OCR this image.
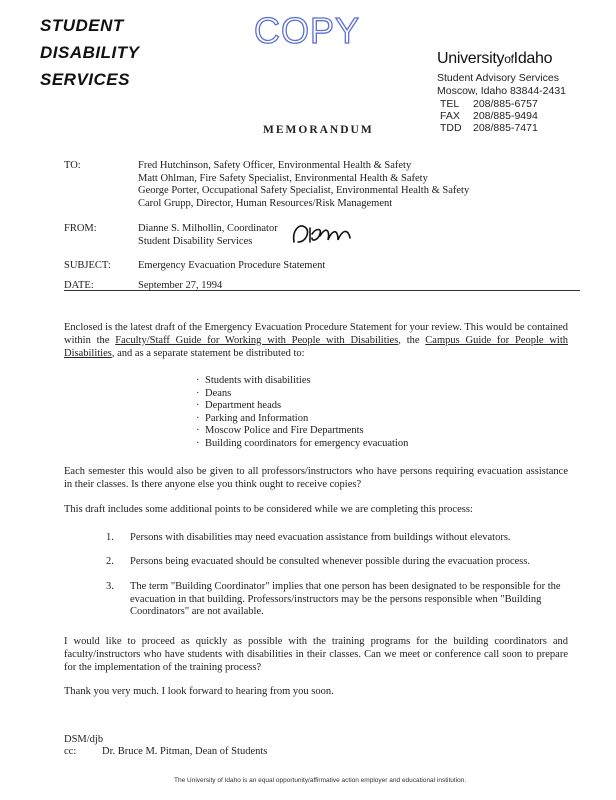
STUDENT
DISABILITY
SERVICES
COPY
UniversityofIdaho
Student Advisory Services
Moscow, Idaho 83844-2431
TEL 208/885-6757
FAX 208/885-9494
TDD 208/885-7471
MEMORANDUM
TO:	Fred Hutchinson, Safety Officer, Environmental Health & Safety
Matt Ohlman, Fire Safety Specialist, Environmental Health & Safety
George Porter, Occupational Safety Specialist, Environmental Health & Safety
Carol Grupp, Director, Human Resources/Risk Management
FROM:	Dianne S. Milhollin, Coordinator
Student Disability Services
SUBJECT:	Emergency Evacuation Procedure Statement
DATE:	September 27, 1994
Enclosed is the latest draft of the Emergency Evacuation Procedure Statement for your review. This would be contained within the Faculty/Staff Guide for Working with People with Disabilities, the Campus Guide for People with Disabilities, and as a separate statement be distributed to:
· Students with disabilities
· Deans
· Department heads
· Parking and Information
· Moscow Police and Fire Departments
· Building coordinators for emergency evacuation
Each semester this would also be given to all professors/instructors who have persons requiring evacuation assistance in their classes. Is there anyone else you think ought to receive copies?
This draft includes some additional points to be considered while we are completing this process:
1. Persons with disabilities may need evacuation assistance from buildings without elevators.
2. Persons being evacuated should be consulted whenever possible during the evacuation process.
3. The term "Building Coordinator" implies that one person has been designated to be responsible for the evacuation in that building. Professors/instructors may be the persons responsible when "Building Coordinators" are not available.
I would like to proceed as quickly as possible with the training programs for the building coordinators and faculty/instructors who have students with disabilities in their classes. Can we meet or conference call soon to prepare for the implementation of the training process?
Thank you very much. I look forward to hearing from you soon.
DSM/djb
cc: Dr. Bruce M. Pitman, Dean of Students
The University of Idaho is an equal opportunity/affirmative action employer and educational institution.
